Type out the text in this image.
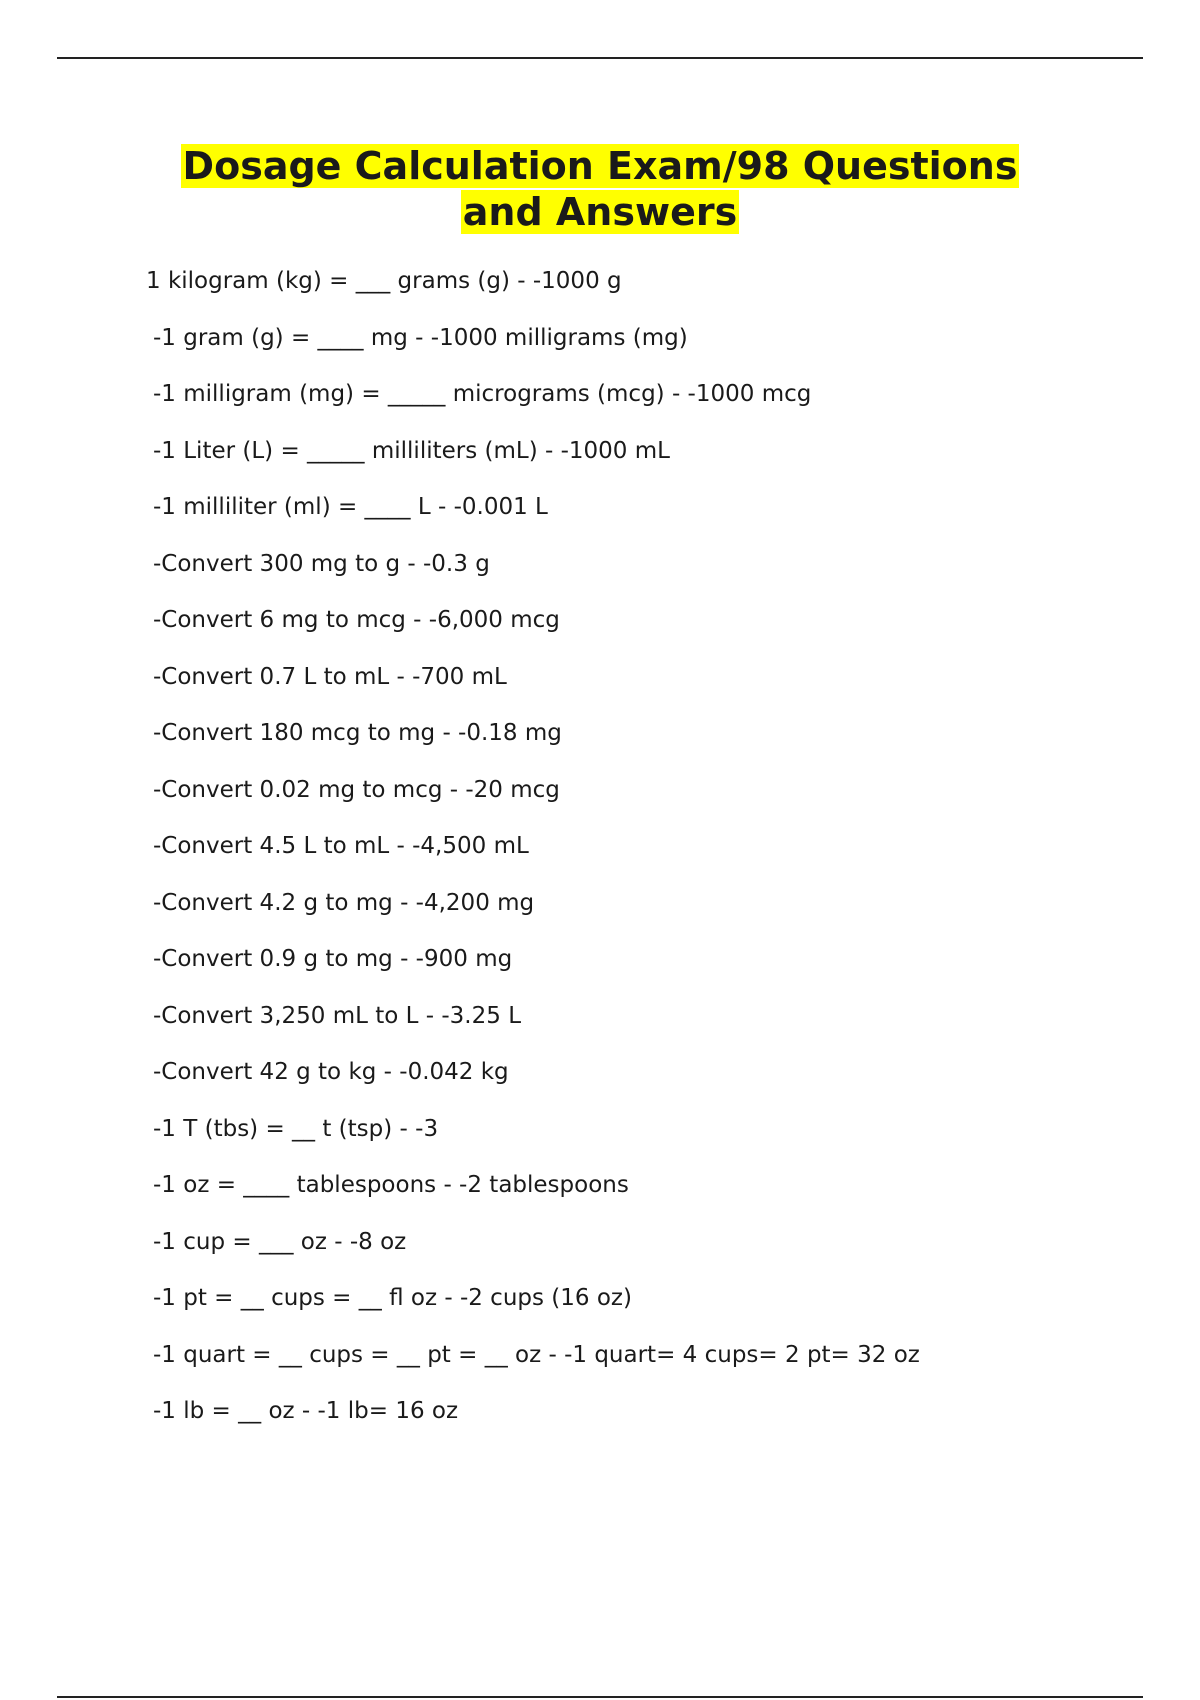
Dosage Calculation Exam/98 Questions
and Answers
1 kilogram (kg) = ___ grams (g) - -1000 g
-1 gram (g) = ____ mg - -1000 milligrams (mg)
-1 milligram (mg) = _____ micrograms (mcg) - -1000 mcg
-1 Liter (L) = _____ milliliters (mL) - -1000 mL
-1 milliliter (ml) = ____ L - -0.001 L
-Convert 300 mg to g - -0.3 g
-Convert 6 mg to mcg - -6,000 mcg
-Convert 0.7 L to mL - -700 mL
-Convert 180 mcg to mg - -0.18 mg
-Convert 0.02 mg to mcg - -20 mcg
-Convert 4.5 L to mL - -4,500 mL
-Convert 4.2 g to mg - -4,200 mg
-Convert 0.9 g to mg - -900 mg
-Convert 3,250 mL to L - -3.25 L
-Convert 42 g to kg - -0.042 kg
-1 T (tbs) = __ t (tsp) - -3
-1 oz = ____ tablespoons - -2 tablespoons
-1 cup = ___ oz - -8 oz
-1 pt = __ cups = __ fl oz - -2 cups (16 oz)
-1 quart = __ cups = __ pt = __ oz - -1 quart= 4 cups= 2 pt= 32 oz
-1 lb = __ oz - -1 lb= 16 oz
